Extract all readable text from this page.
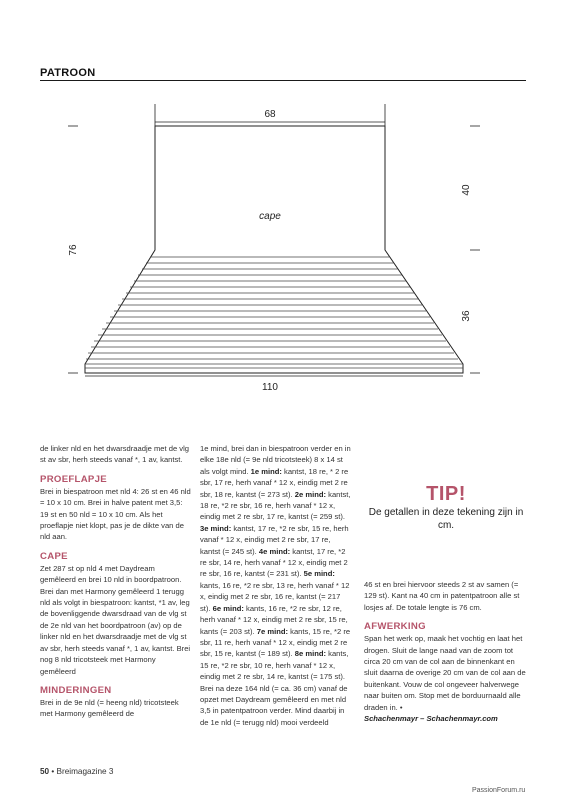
PATROON
68
110
76
40
36
cape

de linker nld en het dwarsdraadje met de vlg st av sbr, herh steeds vanaf *, 1 av, kantst.

PROEFLAPJE

Brei in biespatroon met nld 4: 26 st en 46 nld = 10 x 10 cm. Brei in halve patent met 3,5: 19 st en 50 nld = 10 x 10 cm. Als het proeflapje niet klopt, pas je de dikte van de nld aan.

CAPE

Zet 287 st op nld 4 met Daydream gemêleerd en brei 10 nld in boordpatroon. Brei dan met Harmony gemêleerd 1 terugg nld als volgt in biespatroon: kantst, *1 av, leg de bovenliggende dwarsdraad van de vlg st de 2e nld van het boordpatroon (av) op de linker nld en het dwarsdraadje met de vlg st av sbr, herh steeds vanaf *, 1 av, kantst. Brei nog 8 nld tricotsteek met Harmony gemêleerd

MINDERINGEN

Brei in de 9e nld (= heeng nld) tricotsteek met Harmony gemêleerd de

1e mind, brei dan in biespatroon verder en in elke 18e nld (= 9e nld tricotsteek) 8 x 14 st als volgt mind. 1e mind: kantst, 18 re, * 2 re sbr, 17 re, herh vanaf * 12 x, eindig met 2 re sbr, 18 re, kantst (= 273 st). 2e mind: kantst, 18 re, *2 re sbr, 16 re, herh vanaf * 12 x, eindig met 2 re sbr, 17 re, kantst (= 259 st). 3e mind: kantst, 17 re, *2 re sbr, 15 re, herh vanaf * 12 x, eindig met 2 re sbr, 17 re, kantst (= 245 st). 4e mind: kantst, 17 re, *2 re sbr, 14 re, herh vanaf * 12 x, eindig met 2 re sbr, 16 re, kantst (= 231 st). 5e mind: kants, 16 re, *2 re sbr, 13 re, herh vanaf * 12 x, eindig met 2 re sbr, 16 re, kantst (= 217 st). 6e mind: kants, 16 re, *2 re sbr, 12 re, herh vanaf * 12 x, eindig met 2 re sbr, 15 re, kants (= 203 st). 7e mind: kants, 15 re, *2 re sbr, 11 re, herh vanaf * 12 x, eindig met 2 re sbr, 15 re, kantst (= 189 st). 8e mind: kants, 15 re, *2 re sbr, 10 re, herh vanaf * 12 x, eindig met 2 re sbr, 14 re, kantst (= 175 st). Brei na deze 164 nld (= ca. 36 cm) vanaf de opzet met Daydream gemêleerd en met nld 3,5 in patentpatroon verder. Mind daarbij in de 1e nld (= terugg nld) mooi verdeeld

TIP!
De getallen in deze tekening zijn in cm.

46 st en brei hiervoor steeds 2 st av samen (= 129 st). Kant na 40 cm in patentpatroon alle st losjes af. De totale lengte is 76 cm.

AFWERKING

Span het werk op, maak het vochtig en laat het drogen. Sluit de lange naad van de zoom tot circa 20 cm van de col aan de binnenkant en sluit daarna de overige 20 cm van de col aan de buitenkant. Vouw de col ongeveer halverwege naar buiten om. Stop met de borduurnaald alle draden in. •

Schachenmayr – Schachenmayr.com

50 • Breimagazine 3
PassionForum.ru
